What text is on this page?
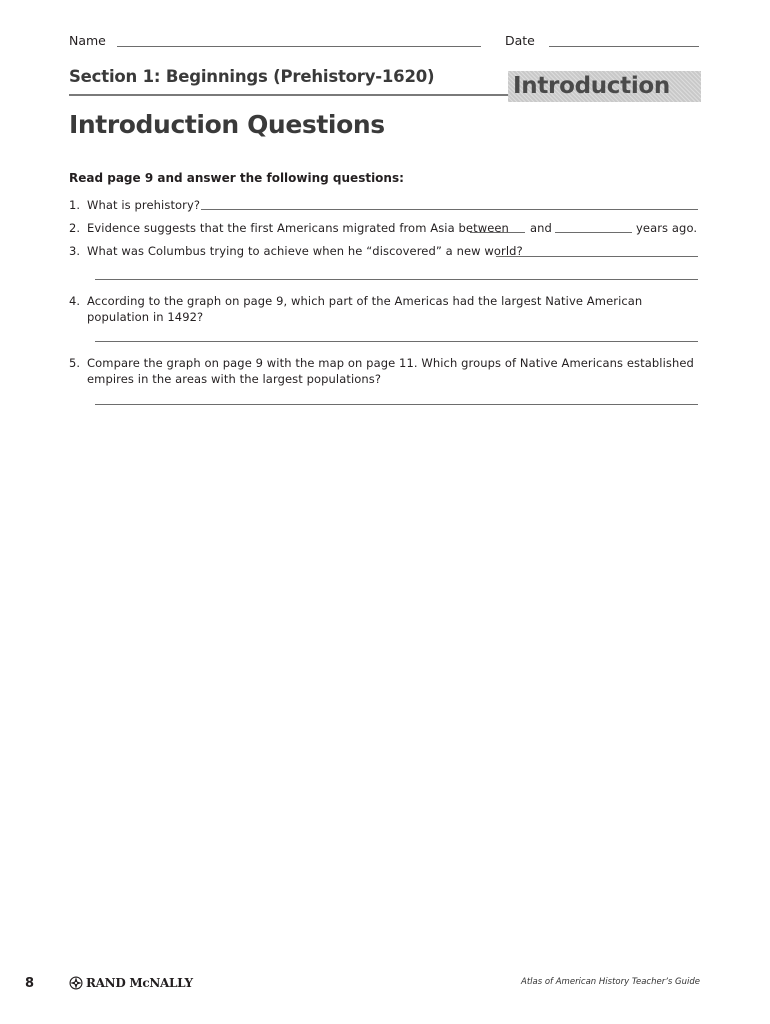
Name	Date
Section 1: Beginnings (Prehistory-1620)	Introduction
Introduction Questions
Read page 9 and answer the following questions:
1. What is prehistory?
2. Evidence suggests that the first Americans migrated from Asia between and	years ago.
3. What was Columbus trying to achieve when he “discovered” a new world?
4. According to the graph on page 9, which part of the Americas had the largest Native American population in 1492?
5. Compare the graph on page 9 with the map on page 11. Which groups of Native Americans established empires in the areas with the largest populations?
8	RAND McNALLY	Atlas of American History Teacher’s Guide
